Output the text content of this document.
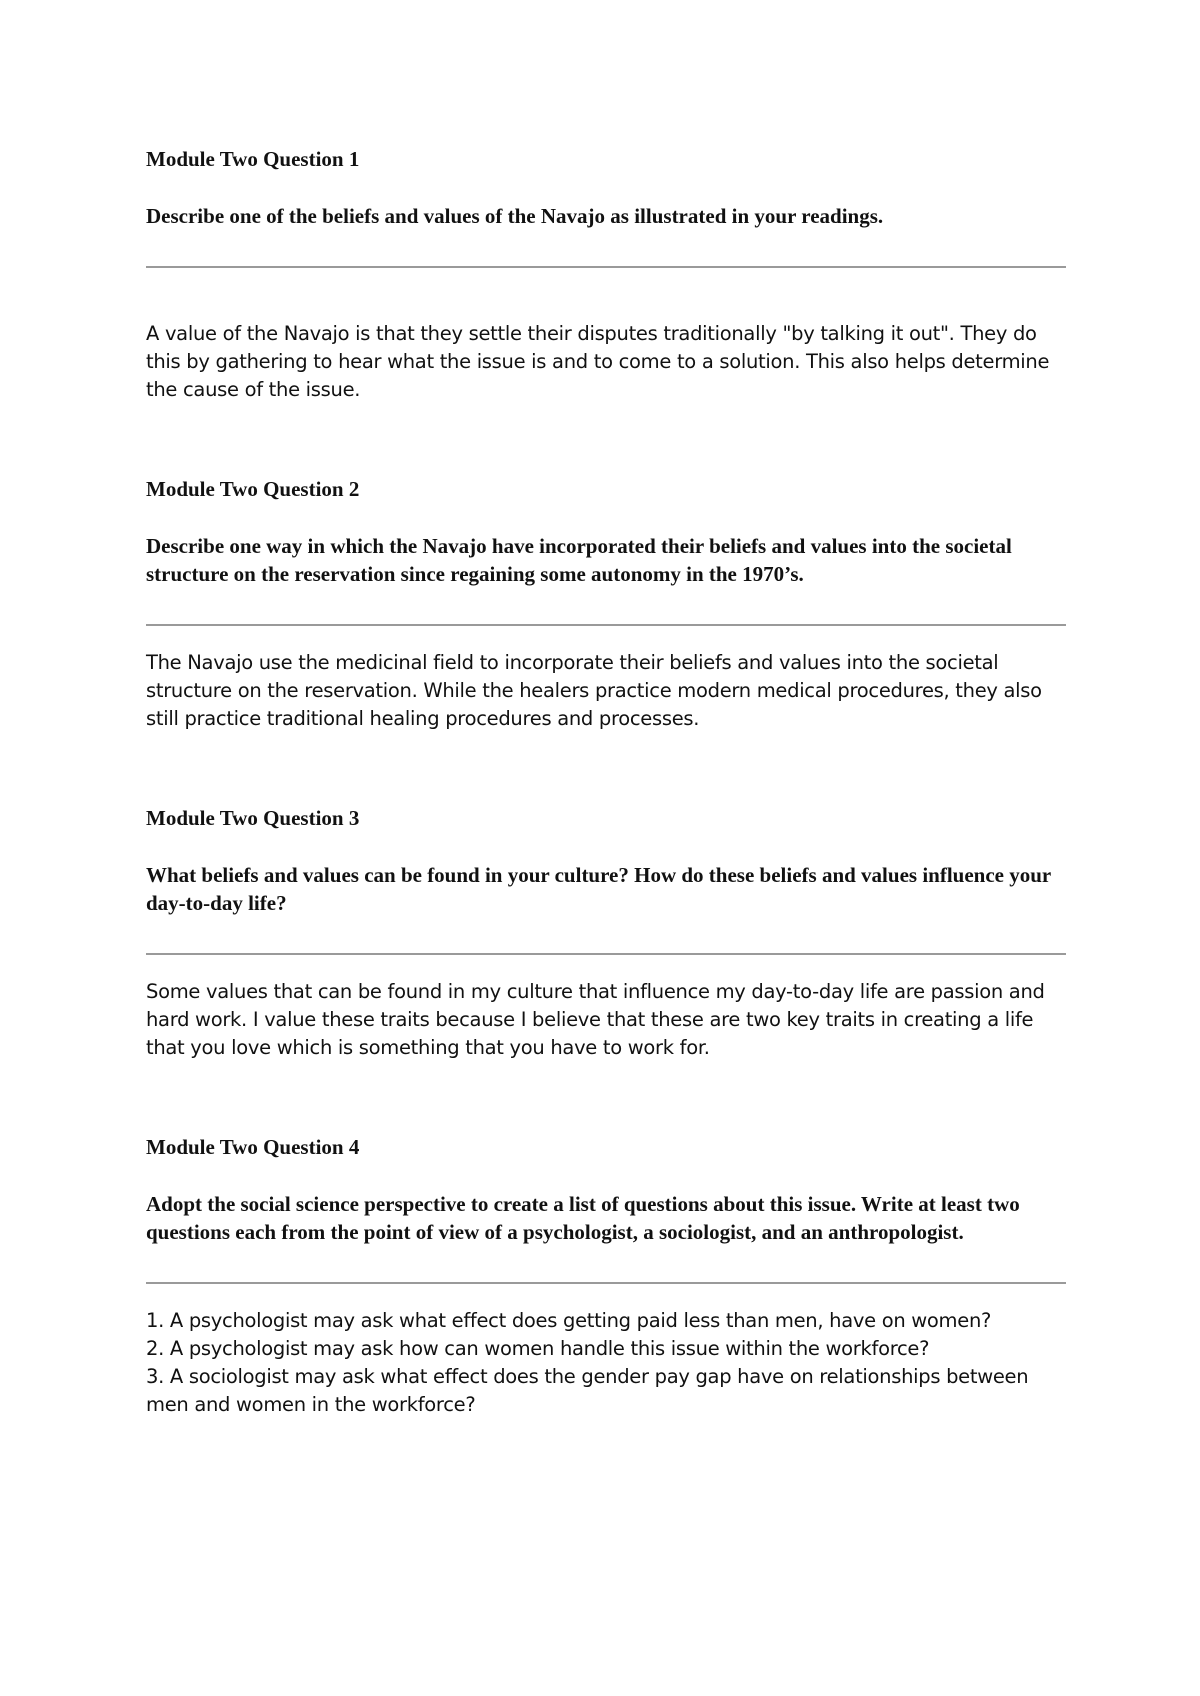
Module Two Question 1

Describe one of the beliefs and values of the Navajo as illustrated in your readings.

A value of the Navajo is that they settle their disputes traditionally "by talking it out". They do this by gathering to hear what the issue is and to come to a solution. This also helps determine the cause of the issue.

Module Two Question 2

Describe one way in which the Navajo have incorporated their beliefs and values into the societal structure on the reservation since regaining some autonomy in the 1970’s.

The Navajo use the medicinal field to incorporate their beliefs and values into the societal structure on the reservation. While the healers practice modern medical procedures, they also still practice traditional healing procedures and processes.

Module Two Question 3

What beliefs and values can be found in your culture? How do these beliefs and values influence your day-to-day life?

Some values that can be found in my culture that influence my day-to-day life are passion and hard work. I value these traits because I believe that these are two key traits in creating a life that you love which is something that you have to work for.

Module Two Question 4

Adopt the social science perspective to create a list of questions about this issue. Write at least two questions each from the point of view of a psychologist, a sociologist, and an anthropologist.

1. A psychologist may ask what effect does getting paid less than men, have on women?
2. A psychologist may ask how can women handle this issue within the workforce?
3. A sociologist may ask what effect does the gender pay gap have on relationships between men and women in the workforce?
